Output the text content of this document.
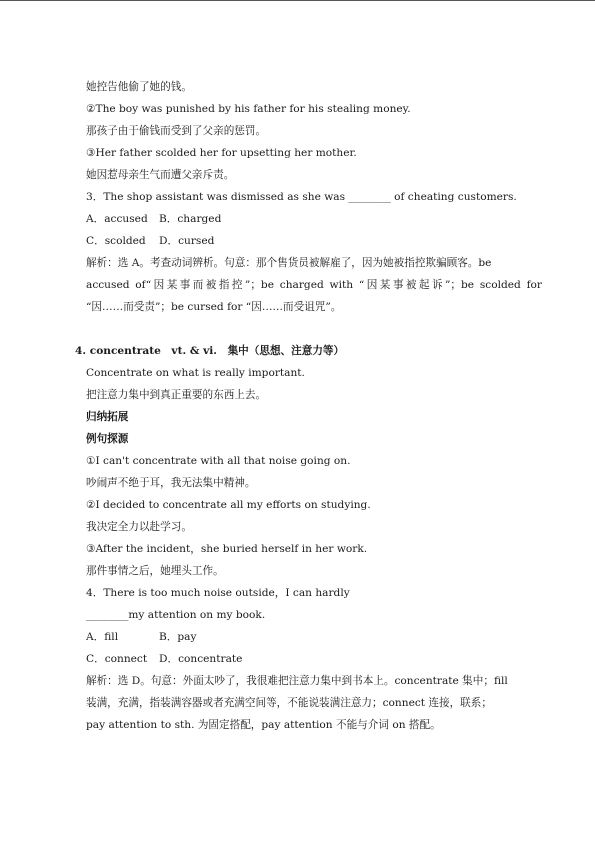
她控告他偷了她的钱。
②The boy was punished by his father for his stealing money.
那孩子由于偷钱而受到了父亲的惩罚。
③Her father scolded her for upsetting her mother.
她因惹母亲生气而遭父亲斥责。
3．The shop assistant was dismissed as she was ________ of cheating customers.
A．accused B．charged
C．scolded D．cursed
解析：选 A。考查动词辨析。句意：那个售货员被解雇了，因为她被指控欺骗顾客。be
accused of“因某事而被指控”；be charged with “因某事被起诉”；be scolded for
“因……而受责”；be cursed for “因……而受诅咒”。
4. concentrate　vt. & vi.　集中（思想、注意力等）
Concentrate on what is really important.
把注意力集中到真正重要的东西上去。
归纳拓展
例句探源
①I can't concentrate with all that noise going on.
吵闹声不绝于耳，我无法集中精神。
②I decided to concentrate all my efforts on studying.
我决定全力以赴学习。
③After the incident，she buried herself in her work.
那件事情之后，她埋头工作。
4．There is too much noise outside，I can hardly
________my attention on my book.
A．fill	B．pay
C．connect D．concentrate
解析：选 D。句意：外面太吵了，我很难把注意力集中到书本上。concentrate 集中；fill
装满，充满，指装满容器或者充满空间等，不能说装满注意力；connect 连接，联系；
pay attention to sth. 为固定搭配，pay attention 不能与介词 on 搭配。
